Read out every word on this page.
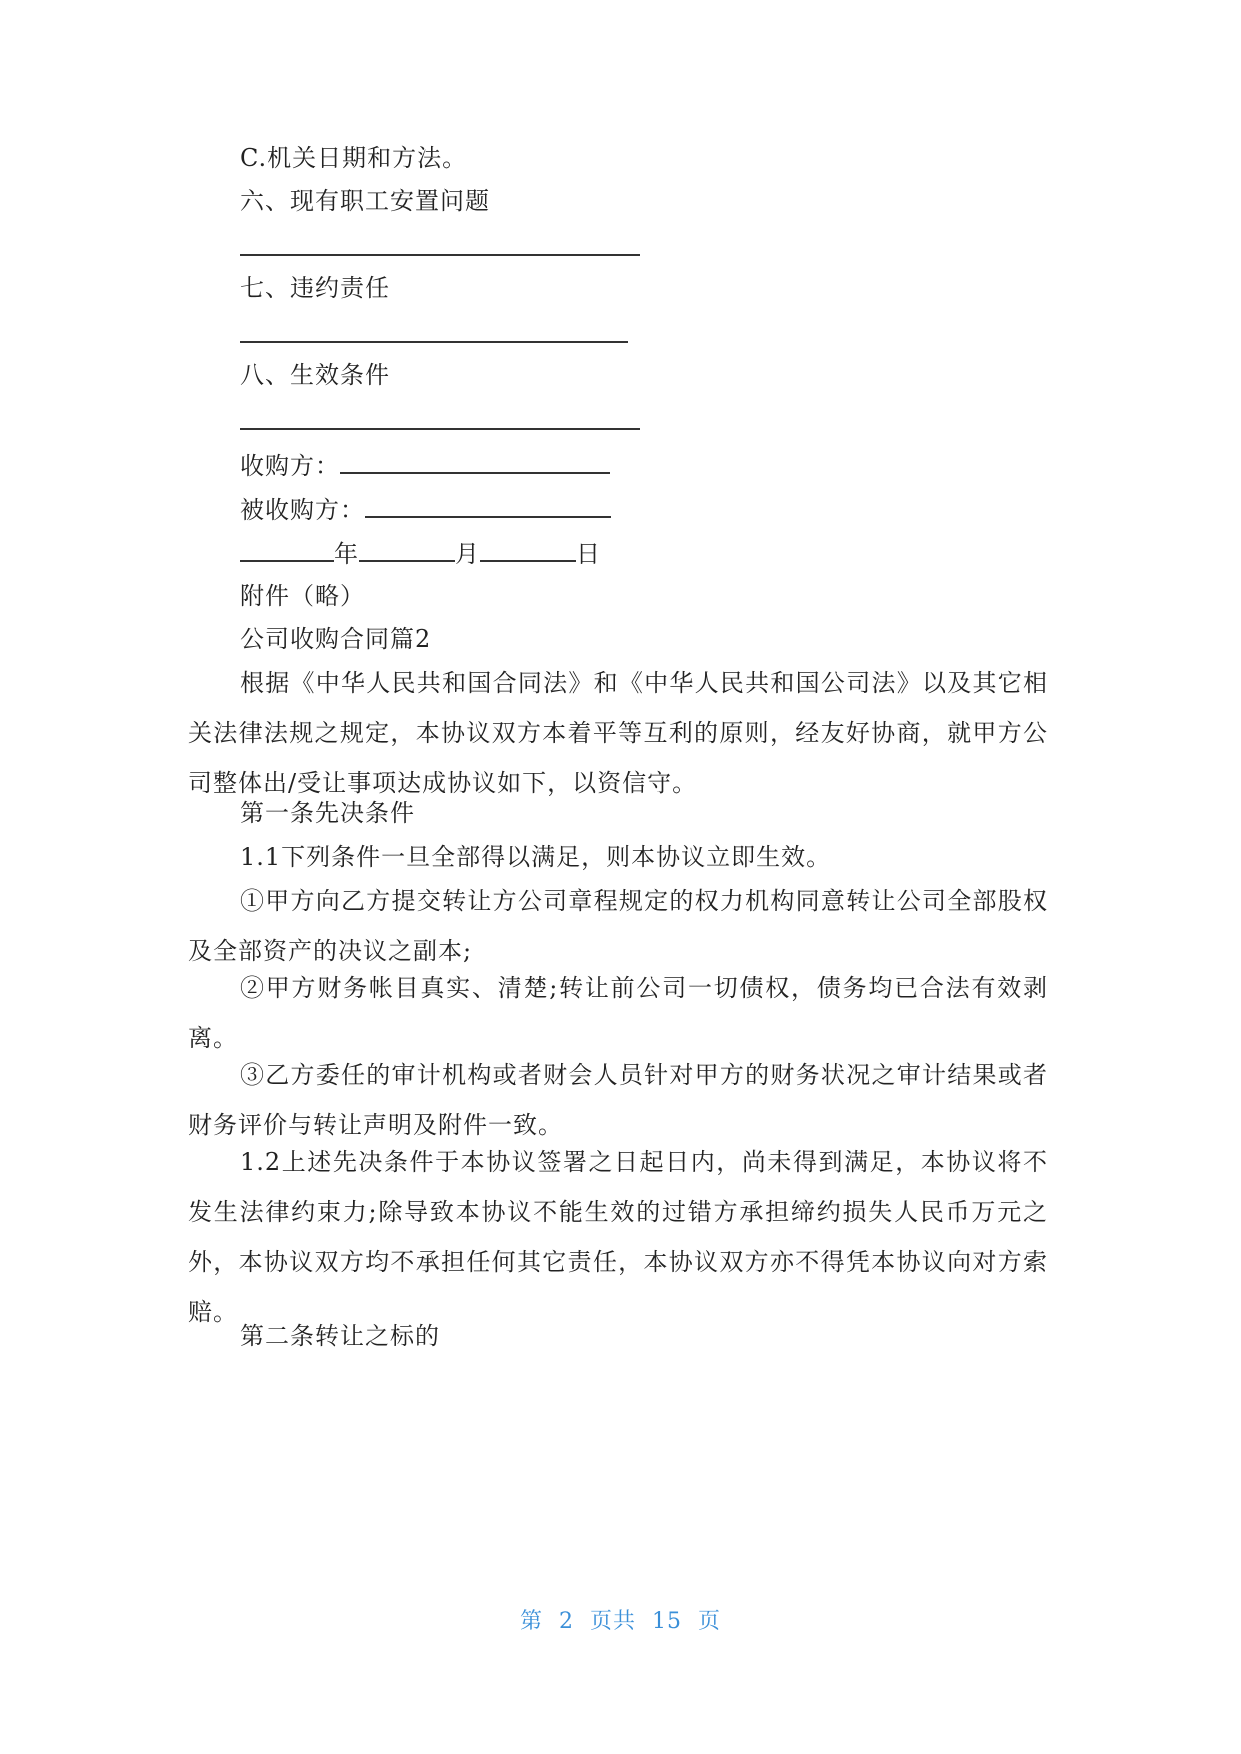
C.机关日期和方法。
六、现有职工安置问题
七、违约责任
八、生效条件
收购方：
被收购方：
年	月	日
附件（略）
公司收购合同篇2

根据《中华人民共和国合同法》和《中华人民共和国公司法》以及其它相关法律法规之规定，本协议双方本着平等互利的原则，经友好协商，就甲方公司整体出/受让事项达成协议如下，以资信守。

第一条先决条件
1.1下列条件一旦全部得以满足，则本协议立即生效。

①甲方向乙方提交转让方公司章程规定的权力机构同意转让公司全部股权及全部资产的决议之副本;

②甲方财务帐目真实、清楚;转让前公司一切债权，债务均已合法有效剥离。

③乙方委任的审计机构或者财会人员针对甲方的财务状况之审计结果或者财务评价与转让声明及附件一致。

1.2上述先决条件于本协议签署之日起日内，尚未得到满足，本协议将不发生法律约束力;除导致本协议不能生效的过错方承担缔约损失人民币万元之外，本协议双方均不承担任何其它责任，本协议双方亦不得凭本协议向对方索赔。

第二条转让之标的
第 2 页共 15 页
